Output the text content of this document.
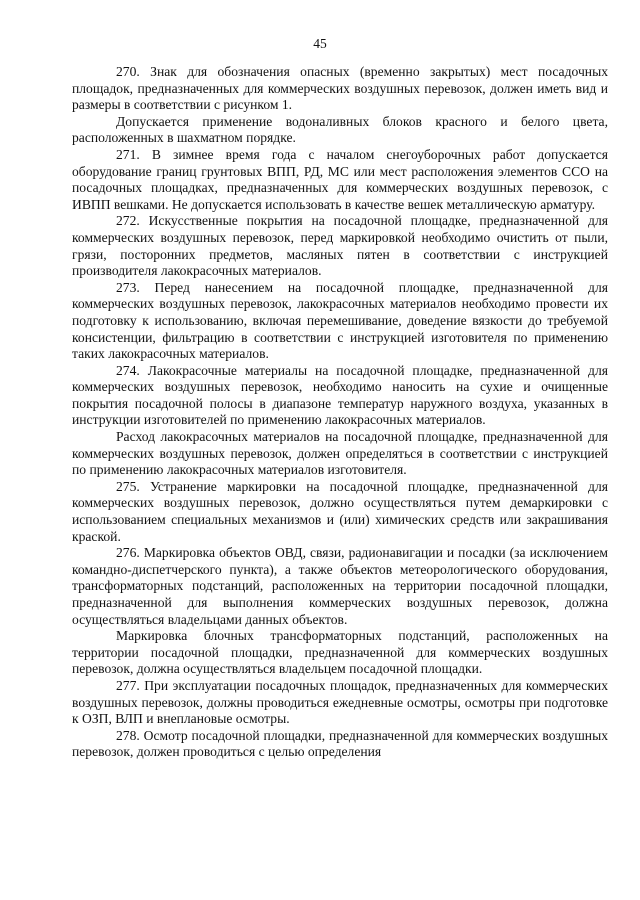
45

270. Знак для обозначения опасных (временно закрытых) мест посадочных площадок, предназначенных для коммерческих воздушных перевозок, должен иметь вид и размеры в соответствии с рисунком 1.

Допускается применение водоналивных блоков красного и белого цвета, расположенных в шахматном порядке.

271. В зимнее время года с началом снегоуборочных работ допускается оборудование границ грунтовых ВПП, РД, МС или мест расположения элементов ССО на посадочных площадках, предназначенных для коммерческих воздушных перевозок, с ИВПП вешками. Не допускается использовать в качестве вешек металлическую арматуру.

272. Искусственные покрытия на посадочной площадке, предназначенной для коммерческих воздушных перевозок, перед маркировкой необходимо очистить от пыли, грязи, посторонних предметов, масляных пятен в соответствии с инструкцией производителя лакокрасочных материалов.

273. Перед нанесением на посадочной площадке, предназначенной для коммерческих воздушных перевозок, лакокрасочных материалов необходимо провести их подготовку к использованию, включая перемешивание, доведение вязкости до требуемой консистенции, фильтрацию в соответствии с инструкцией изготовителя по применению таких лакокрасочных материалов.

274. Лакокрасочные материалы на посадочной площадке, предназначенной для коммерческих воздушных перевозок, необходимо наносить на сухие и очищенные покрытия посадочной полосы в диапазоне температур наружного воздуха, указанных в инструкции изготовителей по применению лакокрасочных материалов.

Расход лакокрасочных материалов на посадочной площадке, предназначенной для коммерческих воздушных перевозок, должен определяться в соответствии с инструкцией по применению лакокрасочных материалов изготовителя.

275. Устранение маркировки на посадочной площадке, предназначенной для коммерческих воздушных перевозок, должно осуществляться путем демаркировки с использованием специальных механизмов и (или) химических средств или закрашивания краской.

276. Маркировка объектов ОВД, связи, радионавигации и посадки (за исключением командно-диспетчерского пункта), а также объектов метеорологического оборудования, трансформаторных подстанций, расположенных на территории посадочной площадки, предназначенной для выполнения коммерческих воздушных перевозок, должна осуществляться владельцами данных объектов.

Маркировка блочных трансформаторных подстанций, расположенных на территории посадочной площадки, предназначенной для коммерческих воздушных перевозок, должна осуществляться владельцем посадочной площадки.

277. При эксплуатации посадочных площадок, предназначенных для коммерческих воздушных перевозок, должны проводиться ежедневные осмотры, осмотры при подготовке к ОЗП, ВЛП и внеплановые осмотры.

278. Осмотр посадочной площадки, предназначенной для коммерческих воздушных перевозок, должен проводиться с целью определения
